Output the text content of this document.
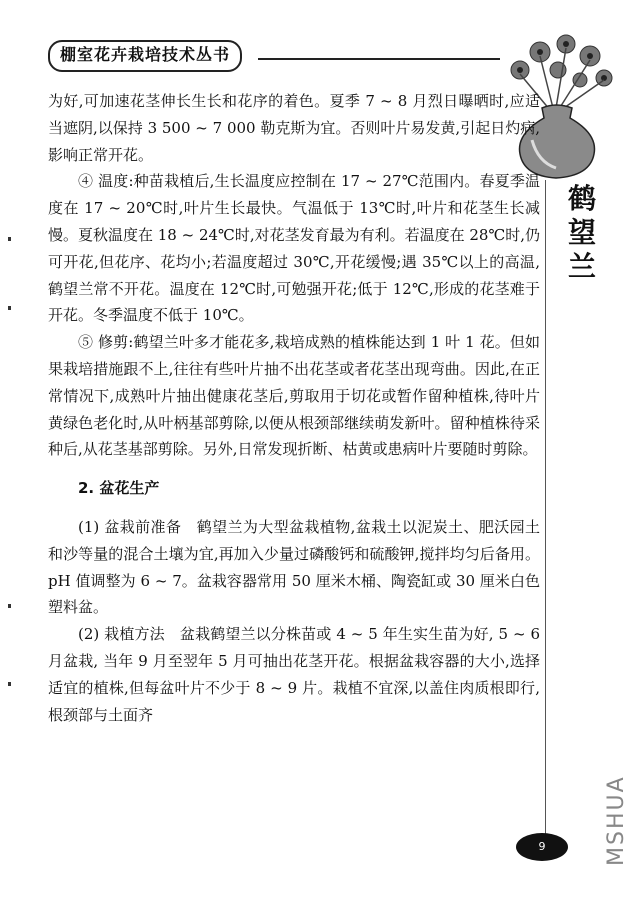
棚室花卉栽培技术丛书
鹤
望
兰

为好,可加速花茎伸长生长和花序的着色。夏季 7 ~ 8 月烈日曝晒时,应适当遮阴,以保持 3 500 ~ 7 000 勒克斯为宜。否则叶片易发黄,引起日灼病,影响正常开花。

④ 温度:种苗栽植后,生长温度应控制在 17 ~ 27℃范围内。春夏季温度在 17 ~ 20℃时,叶片生长最快。气温低于 13℃时,叶片和花茎生长减慢。夏秋温度在 18 ~ 24℃时,对花茎发育最为有利。若温度在 28℃时,仍可开花,但花序、花均小;若温度超过 30℃,开花缓慢;遇 35℃以上的高温,鹤望兰常不开花。温度在 12℃时,可勉强开花;低于 12℃,形成的花茎难于开花。冬季温度不低于 10℃。

⑤ 修剪:鹤望兰叶多才能花多,栽培成熟的植株能达到 1 叶 1 花。但如果栽培措施跟不上,往往有些叶片抽不出花茎或者花茎出现弯曲。因此,在正常情况下,成熟叶片抽出健康花茎后,剪取用于切花或暂作留种植株,待叶片黄绿色老化时,从叶柄基部剪除,以便从根颈部继续萌发新叶。留种植株待采种后,从花茎基部剪除。另外,日常发现折断、枯黄或患病叶片要随时剪除。

2. 盆花生产

(1) 盆栽前准备  鹤望兰为大型盆栽植物,盆栽土以泥炭土、肥沃园土和沙等量的混合土壤为宜,再加入少量过磷酸钙和硫酸钾,搅拌均匀后备用。pH 值调整为 6 ~ 7。盆栽容器常用 50 厘米木桶、陶瓷缸或 30 厘米白色塑料盆。

(2) 栽植方法  盆栽鹤望兰以分株苗或 4 ~ 5 年生实生苗为好, 5 ~ 6 月盆栽, 当年 9 月至翌年 5 月可抽出花茎开花。根据盆栽容器的大小,选择适宜的植株,但每盆叶片不少于 8 ~ 9 片。栽植不宜深,以盖住肉质根即行,根颈部与土面齐

9	MSHUA
